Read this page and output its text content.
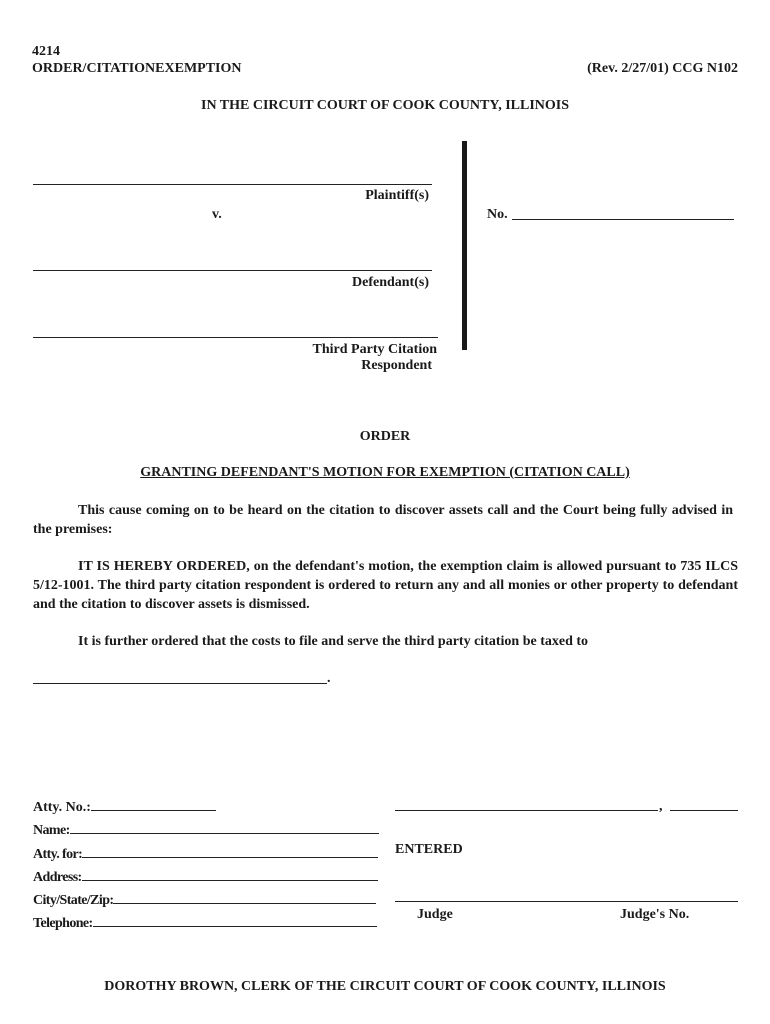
4214
ORDER/CITATIONEXEMPTION	(Rev. 2/27/01) CCG N102
IN THE CIRCUIT COURT OF COOK COUNTY, ILLINOIS
Plaintiff(s)
v.	No.
Defendant(s)
Third Party Citation
Respondent
ORDER
GRANTING DEFENDANT'S MOTION FOR EXEMPTION (CITATION CALL)
This cause coming on to be heard on the citation to discover assets call and the Court being fully advised in the premises:
IT IS HEREBY ORDERED, on the defendant's motion, the exemption claim is allowed pursuant to 735 ILCS 5/12-1001. The third party citation respondent is ordered to return any and all monies or other property to defendant and the citation to discover assets is dismissed.
It is further ordered that the costs to file and serve the third party citation be taxed to
.
Atty. No.:
Name:
Atty. for:
Address:
City/State/Zip:
Telephone:
,
ENTERED
Judge	Judge's No.
DOROTHY BROWN, CLERK OF THE CIRCUIT COURT OF COOK COUNTY, ILLINOIS
